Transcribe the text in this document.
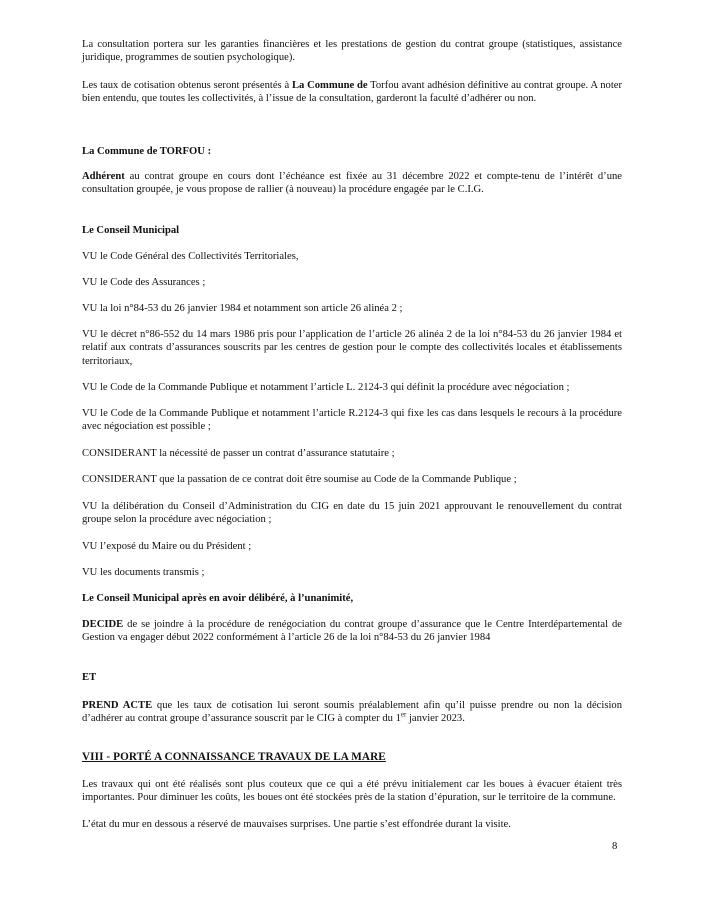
La consultation portera sur les garanties financières et les prestations de gestion du contrat groupe (statistiques, assistance juridique, programmes de soutien psychologique).

Les taux de cotisation obtenus seront présentés à La Commune de Torfou avant adhésion définitive au contrat groupe. A noter bien entendu, que toutes les collectivités, à l’issue de la consultation, garderont la faculté d’adhérer ou non.

La Commune de TORFOU :

Adhérent au contrat groupe en cours dont l’échéance est fixée au 31 décembre 2022 et compte-tenu de l’intérêt d’une consultation groupée, je vous propose de rallier (à nouveau) la procédure engagée par le C.I.G.

Le Conseil Municipal

VU le Code Général des Collectivités Territoriales,

VU le Code des Assurances ;

VU la loi n°84-53 du 26 janvier 1984 et notamment son article 26 alinéa 2 ;

VU le décret n°86-552 du 14 mars 1986 pris pour l’application de l’article 26 alinéa 2 de la loi n°84-53 du 26 janvier 1984 et relatif aux contrats d’assurances souscrits par les centres de gestion pour le compte des collectivités locales et établissements territoriaux,

VU le Code de la Commande Publique et notamment l’article L. 2124-3 qui définit la procédure avec négociation ;

VU le Code de la Commande Publique et notamment l’article R.2124-3 qui fixe les cas dans lesquels le recours à la procédure avec négociation est possible ;

CONSIDERANT la nécessité de passer un contrat d’assurance statutaire ;

CONSIDERANT que la passation de ce contrat doit être soumise au Code de la Commande Publique ;

VU la délibération du Conseil d’Administration du CIG en date du 15 juin 2021 approuvant le renouvellement du contrat groupe selon la procédure avec négociation ;

VU l’exposé du Maire ou du Président ;

VU les documents transmis ;

Le Conseil Municipal après en avoir délibéré, à l’unanimité,

DECIDE de se joindre à la procédure de renégociation du contrat groupe d’assurance que le Centre Interdépartemental de Gestion va engager début 2022 conformément à l’article 26 de la loi n°84-53 du 26 janvier 1984

ET

PREND ACTE que les taux de cotisation lui seront soumis préalablement afin qu’il puisse prendre ou non la décision d’adhérer au contrat groupe d’assurance souscrit par le CIG à compter du 1er janvier 2023.

VIII - PORTÉ A CONNAISSANCE TRAVAUX DE LA MARE

Les travaux qui ont été réalisés sont plus couteux que ce qui a été prévu initialement car les boues à évacuer étaient très importantes. Pour diminuer les coûts, les boues ont été stockées près de la station d’épuration, sur le territoire de la commune.

L’état du mur en dessous a réservé de mauvaises surprises. Une partie s’est effondrée durant la visite.

8
